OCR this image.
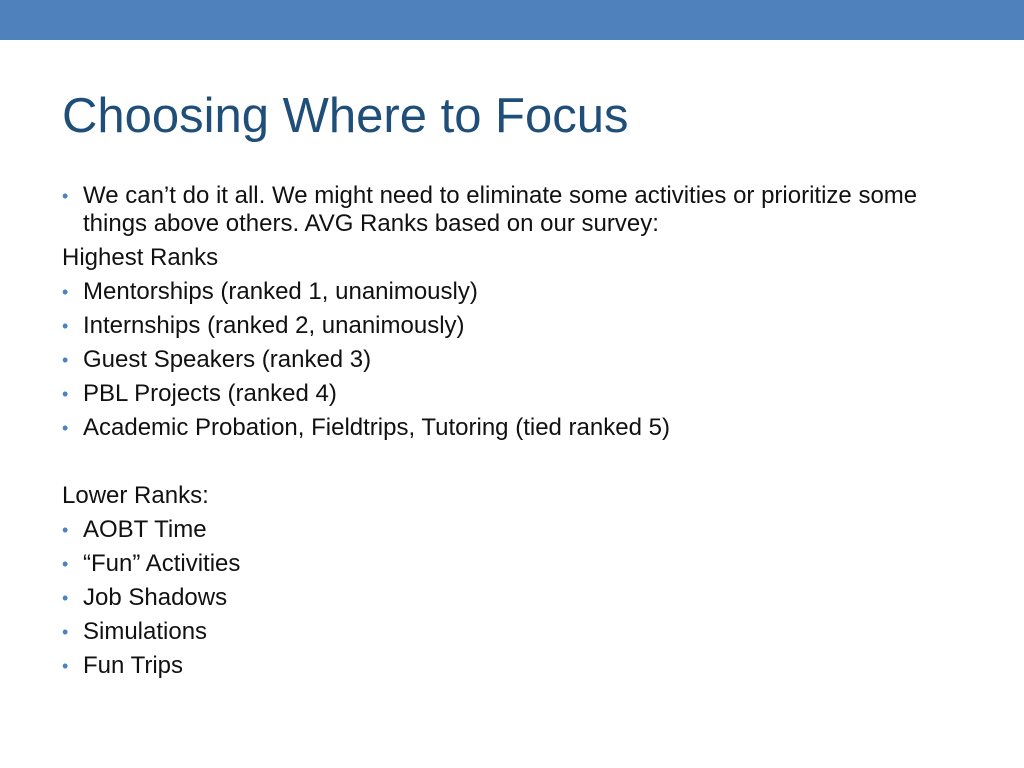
Choosing Where to Focus
• We can’t do it all. We might need to eliminate some activities or prioritize some things above others. AVG Ranks based on our survey:
Highest Ranks
• Mentorships (ranked 1, unanimously)
• Internships (ranked 2, unanimously)
• Guest Speakers (ranked 3)
• PBL Projects (ranked 4)
• Academic Probation, Fieldtrips, Tutoring (tied ranked 5)
Lower Ranks:
• AOBT Time
• “Fun” Activities
• Job Shadows
• Simulations
• Fun Trips
